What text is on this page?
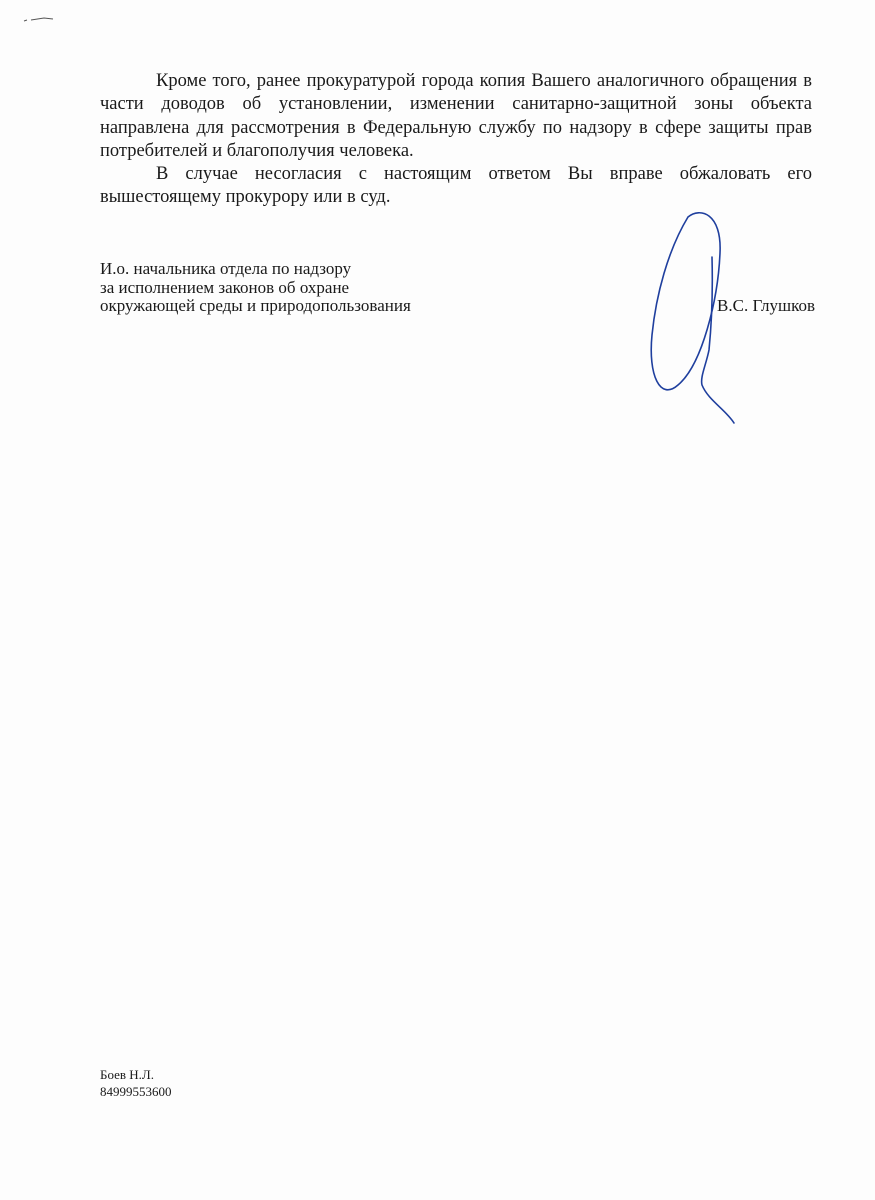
Кроме того, ранее прокуратурой города копия Вашего аналогичного обращения в части доводов об установлении, изменении санитарно-защитной зоны объекта направлена для рассмотрения в Федеральную службу по надзору в сфере защиты прав потребителей и благополучия человека.

В случае несогласия с настоящим ответом Вы вправе обжаловать его вышестоящему прокурору или в суд.

И.о. начальника отдела по надзору
за исполнением законов об охране
окружающей среды и природопользования	В.С. Глушков
Боев Н.Л.
84999553600
